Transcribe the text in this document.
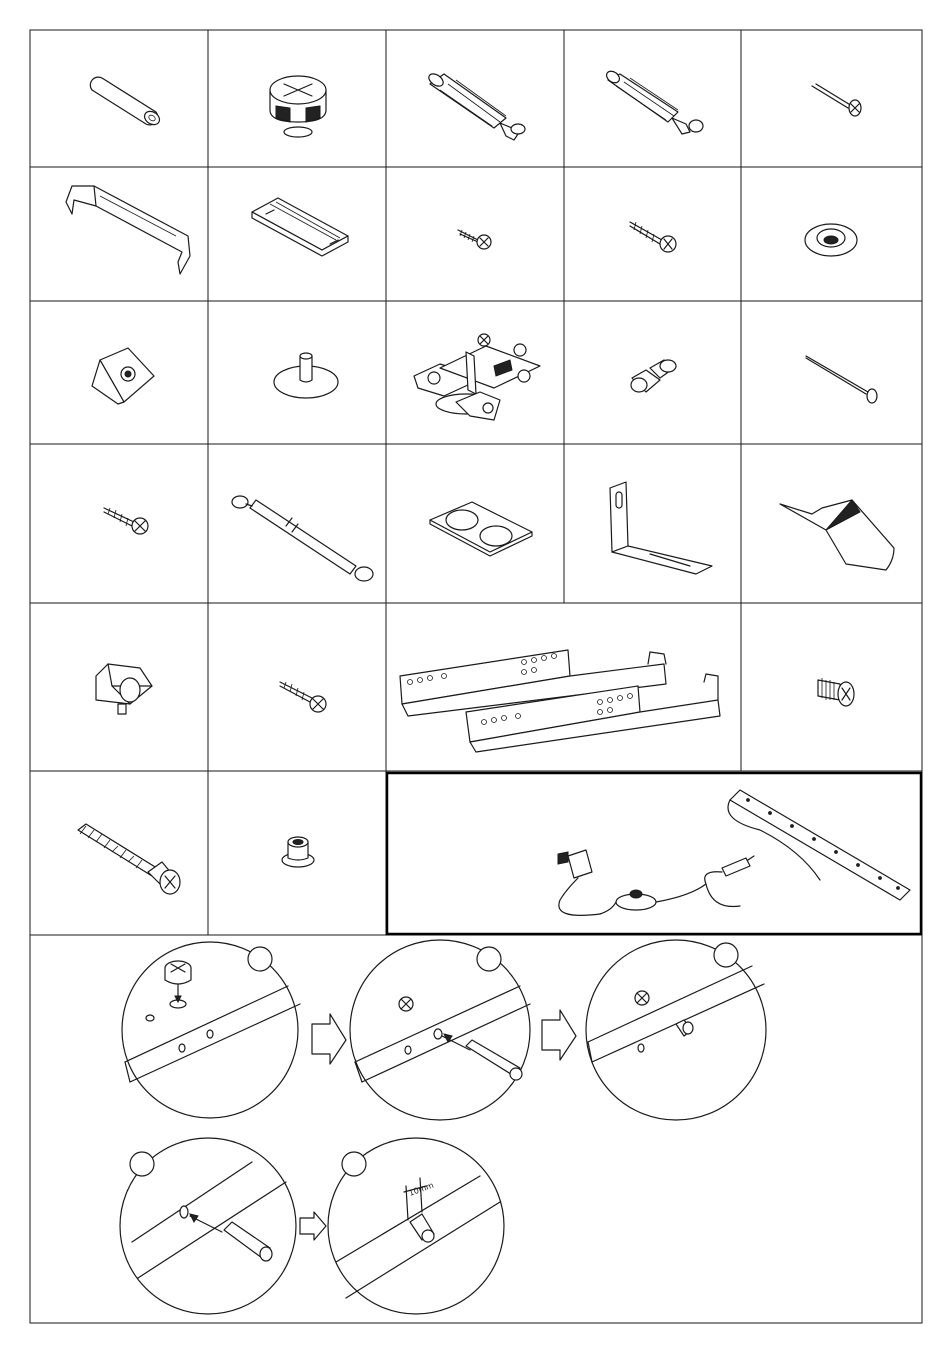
10mm
